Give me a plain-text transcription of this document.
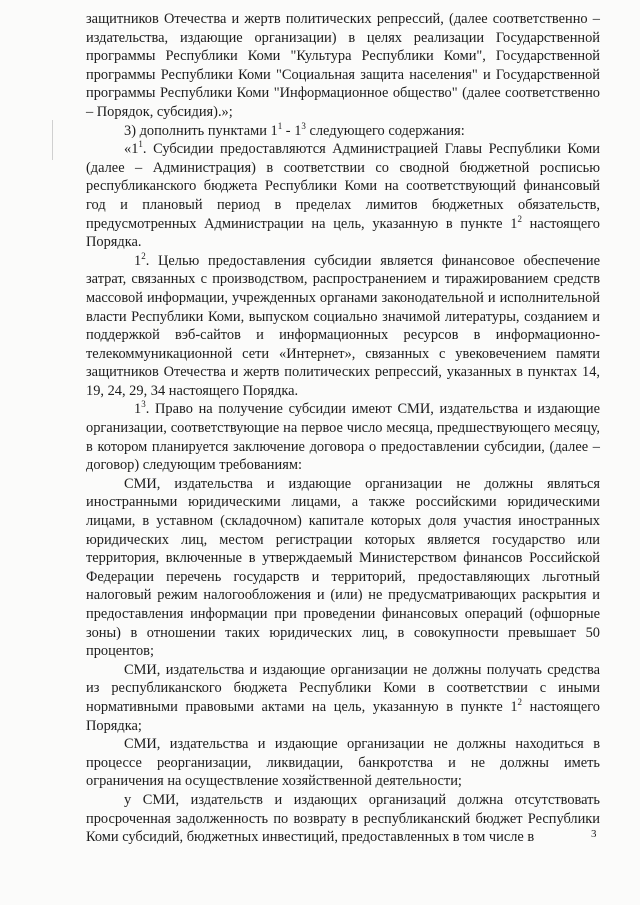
защитников Отечества и жертв политических репрессий, (далее соответственно – издательства, издающие организации) в целях реализации Государственной программы Республики Коми "Культура Республики Коми", Государственной программы Республики Коми "Социальная защита населения" и Государственной программы Республики Коми "Информационное общество" (далее соответственно – Порядок, субсидия).»;

3) дополнить пунктами $1^1 - 1^3$ следующего содержания:

«$1^1$. Субсидии предоставляются Администрацией Главы Республики Коми (далее – Администрация) в соответствии со сводной бюджетной росписью республиканского бюджета Республики Коми на соответствующий финансовый год и плановый период в пределах лимитов бюджетных обязательств, предусмотренных Администрации на цель, указанную в пункте $1^2$ настоящего Порядка.

$1^2$. Целью предоставления субсидии является финансовое обеспечение затрат, связанных с производством, распространением и тиражированием средств массовой информации, учрежденных органами законодательной и исполнительной власти Республики Коми, выпуском социально значимой литературы, созданием и поддержкой вэб-сайтов и информационных ресурсов в информационно-телекоммуникационной сети «Интернет», связанных с увековечением памяти защитников Отечества и жертв политических репрессий, указанных в пунктах 14, 19, 24, 29, 34 настоящего Порядка.

$1^3$. Право на получение субсидии имеют СМИ, издательства и издающие организации, соответствующие на первое число месяца, предшествующего месяцу, в котором планируется заключение договора о предоставлении субсидии, (далее – договор) следующим требованиям:

СМИ, издательства и издающие организации не должны являться иностранными юридическими лицами, а также российскими юридическими лицами, в уставном (складочном) капитале которых доля участия иностранных юридических лиц, местом регистрации которых является государство или территория, включенные в утверждаемый Министерством финансов Российской Федерации перечень государств и территорий, предоставляющих льготный налоговый режим налогообложения и (или) не предусматривающих раскрытия и предоставления информации при проведении финансовых операций (офшорные зоны) в отношении таких юридических лиц, в совокупности превышает 50 процентов;

СМИ, издательства и издающие организации не должны получать средства из республиканского бюджета Республики Коми в соответствии с иными нормативными правовыми актами на цель, указанную в пункте $1^2$ настоящего Порядка;

СМИ, издательства и издающие организации не должны находиться в процессе реорганизации, ликвидации, банкротства и не должны иметь ограничения на осуществление хозяйственной деятельности;

у СМИ, издательств и издающих организаций должна отсутствовать просроченная задолженность по возврату в республиканский бюджет Республики Коми субсидий, бюджетных инвестиций, предоставленных в том числе в	3
